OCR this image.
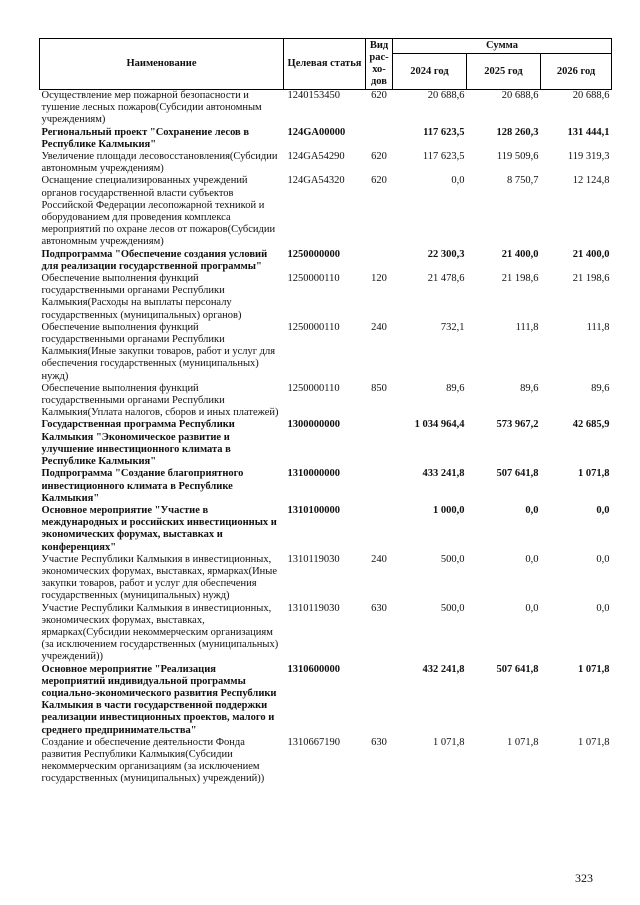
Наименование	Целевая статья	Вид рас-хо-дов	Сумма		
			2024 год	2025 год	2026 год
Осуществление мер пожарной безопасности и тушение лесных пожаров(Субсидии автономным учреждениям)	1240153450	620	20 688,6	20 688,6	20 688,6
Региональный проект "Сохранение лесов в Республике Калмыкия"	124GA00000		117 623,5	128 260,3	131 444,1
Увеличение площади лесовосстановления(Субсидии автономным учреждениям)	124GA54290	620	117 623,5	119 509,6	119 319,3
Оснащение специализированных учреждений органов государственной власти субъектов Российской Федерации лесопожарной техникой и оборудованием для проведения комплекса мероприятий по охране лесов от пожаров(Субсидии автономным учреждениям)	124GA54320	620	0,0	8 750,7	12 124,8
Подпрограмма "Обеспечение создания условий для реализации государственной программы"	1250000000		22 300,3	21 400,0	21 400,0
Обеспечение выполнения функций государственными органами Республики Калмыкия(Расходы на выплаты персоналу государственных (муниципальных) органов)	1250000110	120	21 478,6	21 198,6	21 198,6
Обеспечение выполнения функций государственными органами Республики Калмыкия(Иные закупки товаров, работ и услуг для обеспечения государственных (муниципальных) нужд)	1250000110	240	732,1	111,8	111,8
Обеспечение выполнения функций государственными органами Республики Калмыкия(Уплата налогов, сборов и иных платежей)	1250000110	850	89,6	89,6	89,6
Государственная программа Республики Калмыкия "Экономическое развитие и улучшение инвестиционного климата в Республике Калмыкия"	1300000000		1 034 964,4	573 967,2	42 685,9
Подпрограмма "Создание благоприятного инвестиционного климата в Республике Калмыкия"	1310000000		433 241,8	507 641,8	1 071,8
Основное мероприятие "Участие в международных и российских инвестиционных и экономических форумах, выставках и конференциях"	1310100000		1 000,0	0,0	0,0
Участие Республики Калмыкия в инвестиционных, экономических форумах, выставках, ярмарках(Иные закупки товаров, работ и услуг для обеспечения государственных (муниципальных) нужд)	1310119030	240	500,0	0,0	0,0
Участие Республики Калмыкия в инвестиционных, экономических форумах, выставках, ярмарках(Субсидии некоммерческим организациям (за исключением государственных (муниципальных) учреждений))	1310119030	630	500,0	0,0	0,0
Основное мероприятие "Реализация мероприятий индивидуальной программы социально-экономического развития Республики Калмыкия в части государственной поддержки реализации инвестиционных проектов, малого и среднего предпринимательства"	1310600000		432 241,8	507 641,8	1 071,8
Создание и обеспечение деятельности Фонда развития Республики Калмыкия(Субсидии некоммерческим организациям (за исключением государственных (муниципальных) учреждений))	1310667190	630	1 071,8	1 071,8	1 071,8
323
